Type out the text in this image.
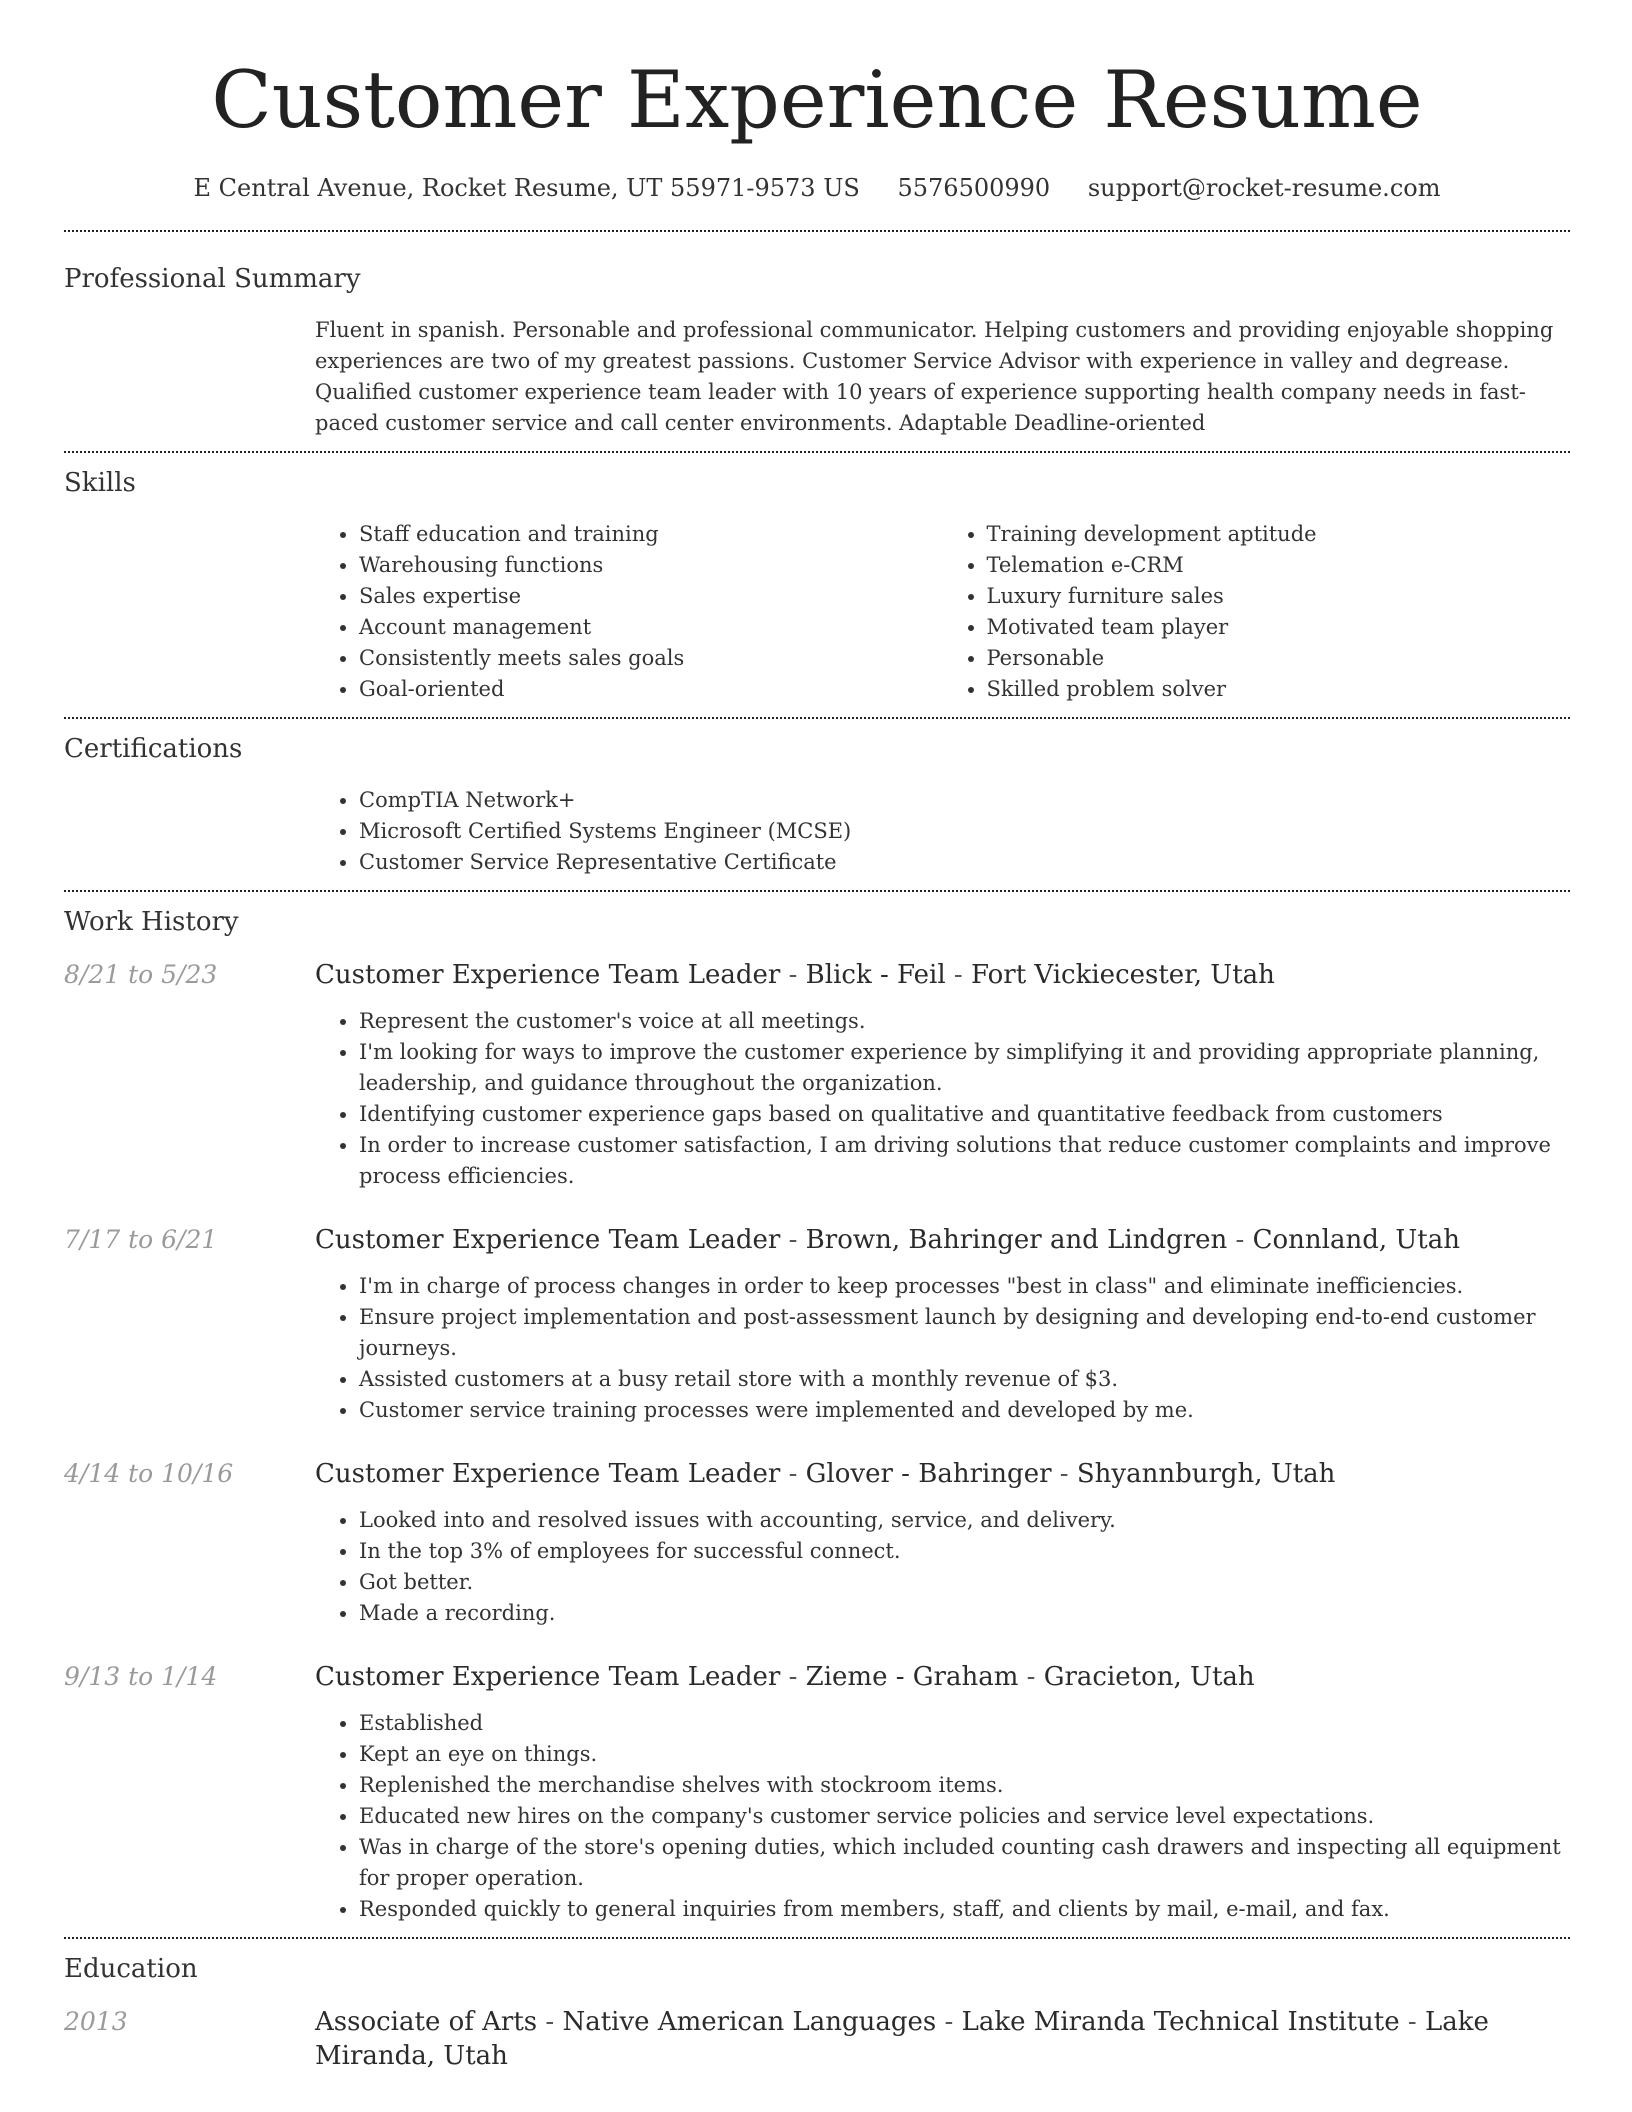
Customer Experience Resume
E Central Avenue, Rocket Resume, UT 55971-9573 US 5576500990 support@rocket-resume.com
Professional Summary

Fluent in spanish. Personable and professional communicator. Helping customers and providing enjoyable shopping experiences are two of my greatest passions. Customer Service Advisor with experience in valley and degrease. Qualified customer experience team leader with 10 years of experience supporting health company needs in fast-paced customer service and call center environments. Adaptable Deadline-oriented

Skills
• Staff education and training
• Warehousing functions
• Sales expertise
• Account management
• Consistently meets sales goals
• Goal-oriented
• Training development aptitude
• Telemation e-CRM
• Luxury furniture sales
• Motivated team player
• Personable
• Skilled problem solver
Certifications
• CompTIA Network+
• Microsoft Certified Systems Engineer (MCSE)
• Customer Service Representative Certificate
Work History
8/21 to 5/23	Customer Experience Team Leader - Blick - Feil - Fort Vickiecester, Utah
• Represent the customer's voice at all meetings.
• I'm looking for ways to improve the customer experience by simplifying it and providing appropriate planning, leadership, and guidance throughout the organization.
• Identifying customer experience gaps based on qualitative and quantitative feedback from customers
• In order to increase customer satisfaction, I am driving solutions that reduce customer complaints and improve process efficiencies.
7/17 to 6/21	Customer Experience Team Leader - Brown, Bahringer and Lindgren - Connland, Utah
• I'm in charge of process changes in order to keep processes "best in class" and eliminate inefficiencies.
• Ensure project implementation and post-assessment launch by designing and developing end-to-end customer journeys.
• Assisted customers at a busy retail store with a monthly revenue of $3.
• Customer service training processes were implemented and developed by me.
4/14 to 10/16	Customer Experience Team Leader - Glover - Bahringer - Shyannburgh, Utah
• Looked into and resolved issues with accounting, service, and delivery.
• In the top 3% of employees for successful connect.
• Got better.
• Made a recording.
9/13 to 1/14	Customer Experience Team Leader - Zieme - Graham - Gracieton, Utah
• Established
• Kept an eye on things.
• Replenished the merchandise shelves with stockroom items.
• Educated new hires on the company's customer service policies and service level expectations.
• Was in charge of the store's opening duties, which included counting cash drawers and inspecting all equipment for proper operation.
• Responded quickly to general inquiries from members, staff, and clients by mail, e-mail, and fax.
Education
2013	Associate of Arts - Native American Languages - Lake Miranda Technical Institute - Lake Miranda, Utah
